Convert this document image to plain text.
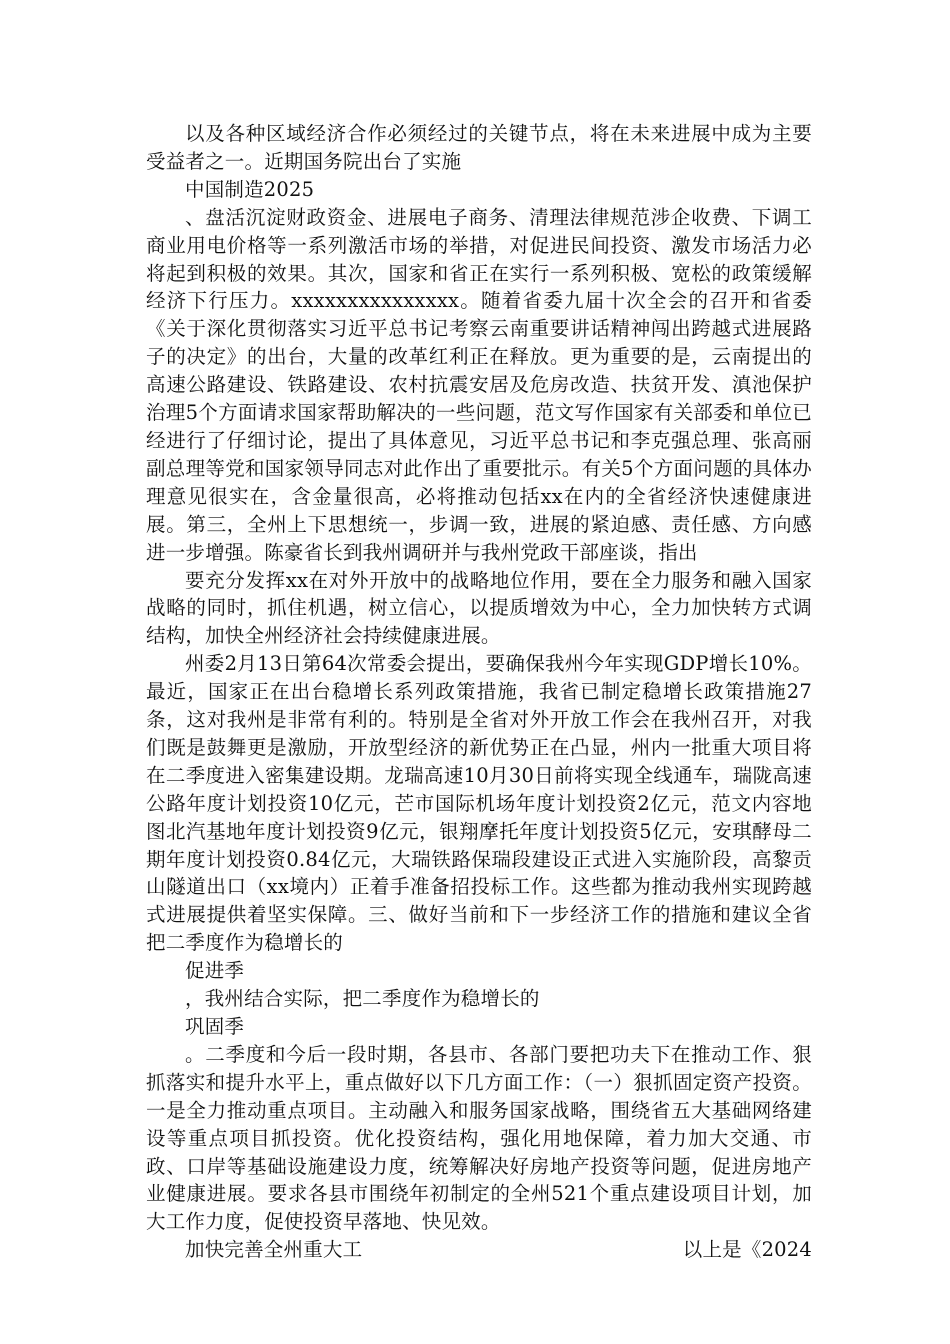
以及各种区域经济合作必须经过的关键节点，将在未来进展中成为主要受益者之一。近期国务院出台了实施

中国制造2025

、盘活沉淀财政资金、进展电子商务、清理法律规范涉企收费、下调工商业用电价格等一系列激活市场的举措，对促进民间投资、激发市场活力必将起到积极的效果。其次，国家和省正在实行一系列积极、宽松的政策缓解经济下行压力。xxxxxxxxxxxxxxx。随着省委九届十次全会的召开和省委《关于深化贯彻落实习近平总书记考察云南重要讲话精神闯出跨越式进展路子的决定》的出台，大量的改革红利正在释放。更为重要的是，云南提出的高速公路建设、铁路建设、农村抗震安居及危房改造、扶贫开发、滇池保护治理5个方面请求国家帮助解决的一些问题，范文写作国家有关部委和单位已经进行了仔细讨论，提出了具体意见，习近平总书记和李克强总理、张高丽副总理等党和国家领导同志对此作出了重要批示。有关5个方面问题的具体办理意见很实在，含金量很高，必将推动包括xx在内的全省经济快速健康进展。第三，全州上下思想统一，步调一致，进展的紧迫感、责任感、方向感进一步增强。陈豪省长到我州调研并与我州党政干部座谈，指出

要充分发挥xx在对外开放中的战略地位作用，要在全力服务和融入国家战略的同时，抓住机遇，树立信心，以提质增效为中心，全力加快转方式调结构，加快全州经济社会持续健康进展。

州委2月13日第64次常委会提出，要确保我州今年实现GDP增长10%。最近，国家正在出台稳增长系列政策措施，我省已制定稳增长政策措施27条，这对我州是非常有利的。特别是全省对外开放工作会在我州召开，对我们既是鼓舞更是激励，开放型经济的新优势正在凸显，州内一批重大项目将在二季度进入密集建设期。龙瑞高速10月30日前将实现全线通车，瑞陇高速公路年度计划投资10亿元，芒市国际机场年度计划投资2亿元，范文内容地图北汽基地年度计划投资9亿元，银翔摩托年度计划投资5亿元，安琪酵母二期年度计划投资0.84亿元，大瑞铁路保瑞段建设正式进入实施阶段，高黎贡山隧道出口（xx境内）正着手准备招投标工作。这些都为推动我州实现跨越式进展提供着坚实保障。三、做好当前和下一步经济工作的措施和建议全省把二季度作为稳增长的

促进季

，我州结合实际，把二季度作为稳增长的

巩固季

。二季度和今后一段时期，各县市、各部门要把功夫下在推动工作、狠抓落实和提升水平上，重点做好以下几方面工作：（一）狠抓固定资产投资。一是全力推动重点项目。主动融入和服务国家战略，围绕省五大基础网络建设等重点项目抓投资。优化投资结构，强化用地保障，着力加大交通、市政、口岸等基础设施建设力度，统筹解决好房地产投资等问题，促进房地产业健康进展。要求各县市围绕年初制定的全州521个重点建设项目计划，加大工作力度，促使投资早落地、快见效。

加快完善全州重大工	以上是《2024
